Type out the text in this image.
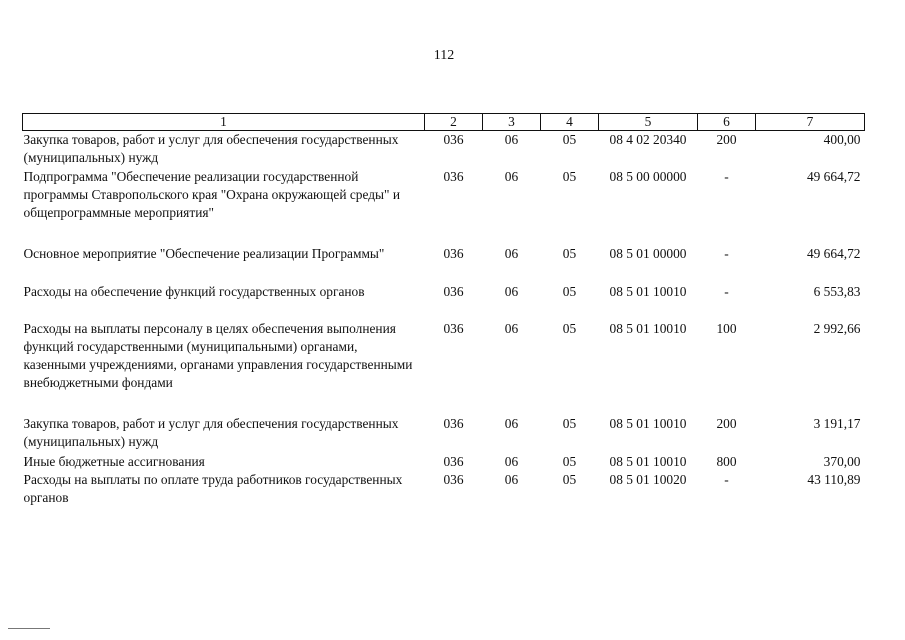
112
1	2	3	4	5	6	7
Закупка товаров, работ и услуг для обеспечения государственных (муниципальных) нужд	036	06	05	08 4 02 20340	200	400,00
Подпрограмма "Обеспечение реализации государственной программы Ставропольского края "Охрана окружающей среды" и общепрограммные мероприятия"	036	06	05	08 5 00 00000	-	49 664,72
Основное мероприятие "Обеспечение реализации Программы"	036	06	05	08 5 01 00000	-	49 664,72
Расходы на обеспечение функций государственных органов	036	06	05	08 5 01 10010	-	6 553,83
Расходы на выплаты персоналу в целях обеспечения выполнения функций государственными (муниципальными) органами, казенными учреждениями, органами управления государственными внебюджетными фондами	036	06	05	08 5 01 10010	100	2 992,66
Закупка товаров, работ и услуг для обеспечения государственных (муниципальных) нужд	036	06	05	08 5 01 10010	200	3 191,17
Иные бюджетные ассигнования	036	06	05	08 5 01 10010	800	370,00
Расходы на выплаты по оплате труда работников государственных органов	036	06	05	08 5 01 10020	-	43 110,89
